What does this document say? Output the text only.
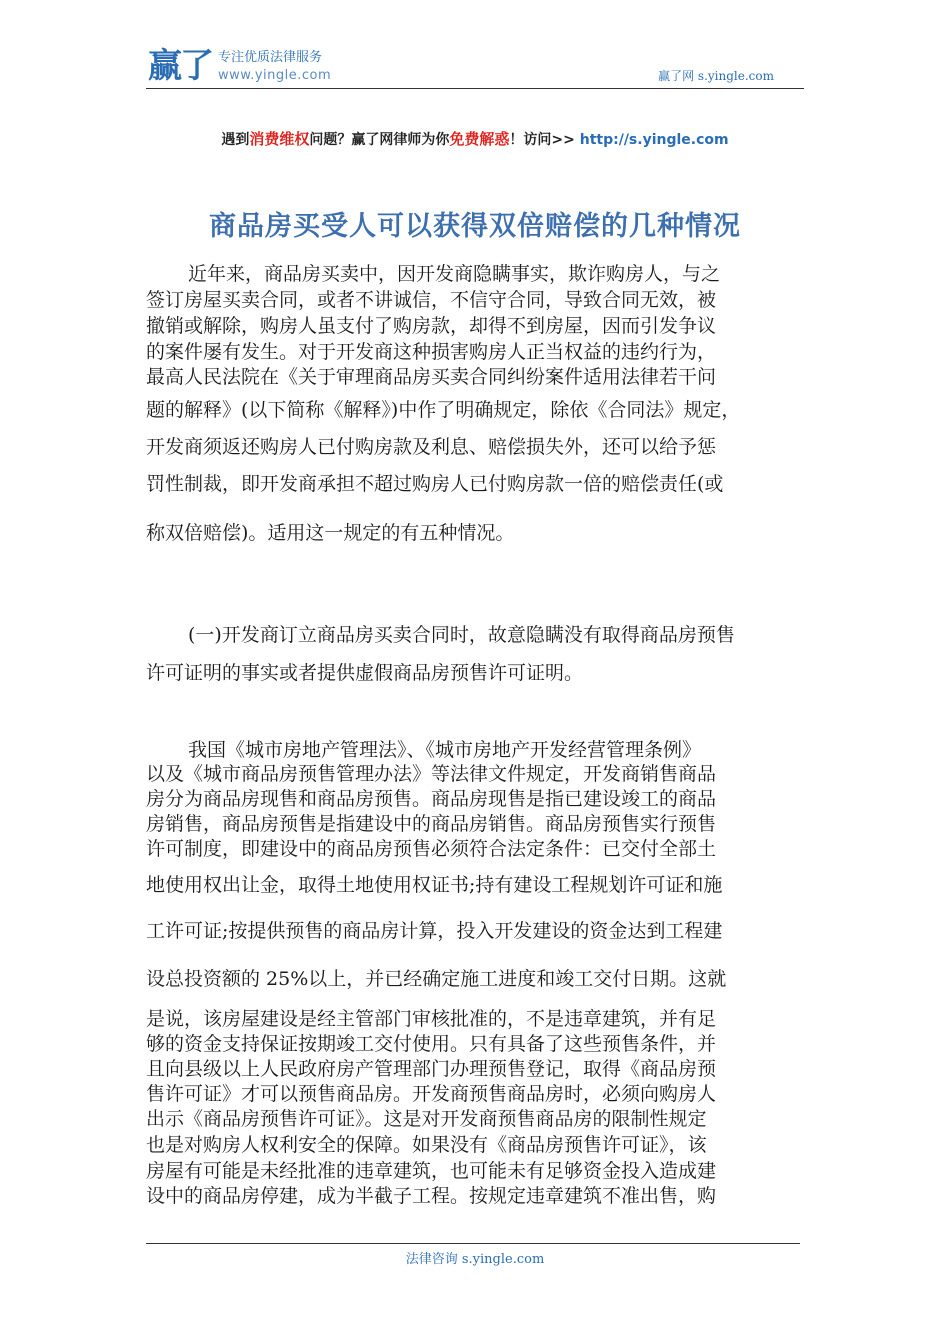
赢了 专注优质法律服务
www.yingle.com	赢了网 s.yingle.com
遇到消费维权问题？赢了网律师为你免费解惑！访问>> http://s.yingle.com
商品房买受人可以获得双倍赔偿的几种情况
近年来，商品房买卖中，因开发商隐瞒事实，欺诈购房人，与之
签订房屋买卖合同，或者不讲诚信，不信守合同，导致合同无效，被
撤销或解除，购房人虽支付了购房款，却得不到房屋，因而引发争议
的案件屡有发生。对于开发商这种损害购房人正当权益的违约行为，
最高人民法院在《关于审理商品房买卖合同纠纷案件适用法律若干问
题的解释》(以下简称《解释》)中作了明确规定，除依《合同法》规定，
开发商须返还购房人已付购房款及利息、赔偿损失外，还可以给予惩
罚性制裁，即开发商承担不超过购房人已付购房款一倍的赔偿责任(或
称双倍赔偿)。适用这一规定的有五种情况。
(一)开发商订立商品房买卖合同时，故意隐瞒没有取得商品房预售
许可证明的事实或者提供虚假商品房预售许可证明。
我国《城市房地产管理法》、《城市房地产开发经营管理条例》
以及《城市商品房预售管理办法》等法律文件规定，开发商销售商品
房分为商品房现售和商品房预售。商品房现售是指已建设竣工的商品
房销售，商品房预售是指建设中的商品房销售。商品房预售实行预售
许可制度，即建设中的商品房预售必须符合法定条件：已交付全部土
地使用权出让金，取得土地使用权证书;持有建设工程规划许可证和施
工许可证;按提供预售的商品房计算，投入开发建设的资金达到工程建
设总投资额的 25%以上，并已经确定施工进度和竣工交付日期。这就
是说，该房屋建设是经主管部门审核批准的，不是违章建筑，并有足
够的资金支持保证按期竣工交付使用。只有具备了这些预售条件，并
且向县级以上人民政府房产管理部门办理预售登记，取得《商品房预
售许可证》才可以预售商品房。开发商预售商品房时，必须向购房人
出示《商品房预售许可证》。这是对开发商预售商品房的限制性规定
也是对购房人权利安全的保障。如果没有《商品房预售许可证》，该
房屋有可能是未经批准的违章建筑，也可能未有足够资金投入造成建
设中的商品房停建，成为半截子工程。按规定违章建筑不准出售，购
法律咨询 s.yingle.com
